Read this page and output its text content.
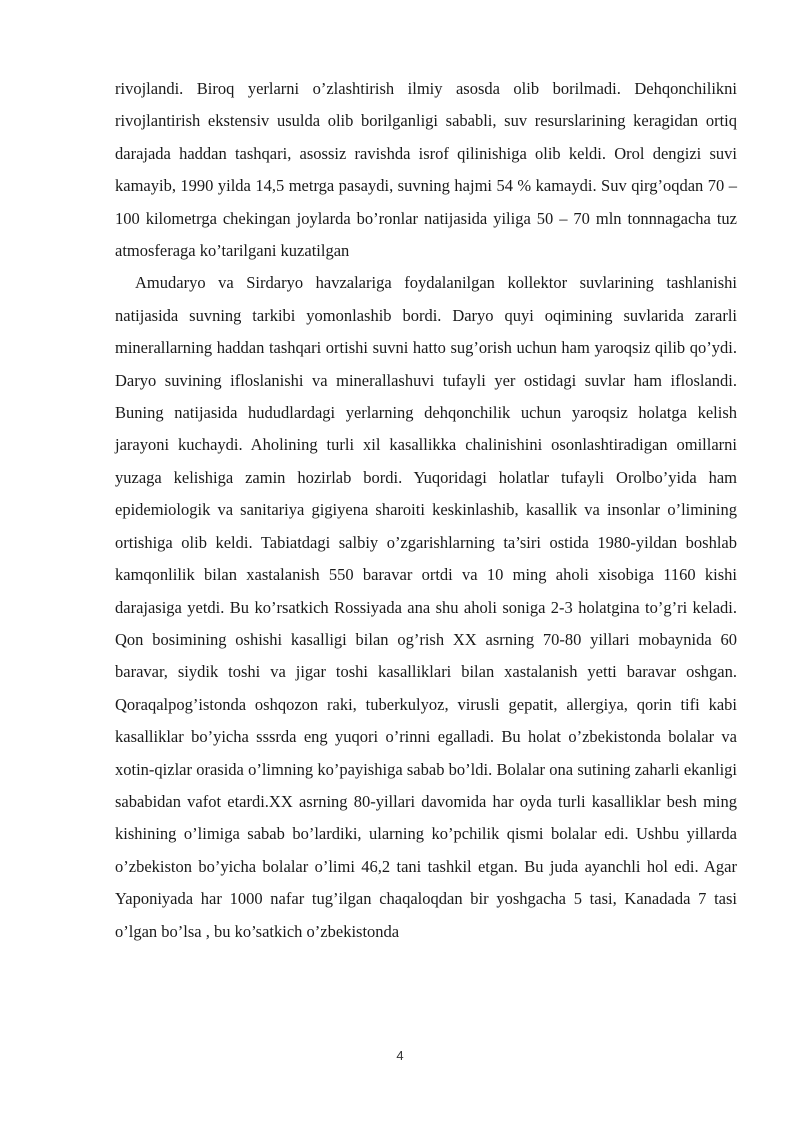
rivojlandi. Biroq yerlarni o’zlashtirish ilmiy asosda olib borilmadi. Dehqonchilikni rivojlantirish ekstensiv usulda olib borilganligi sababli, suv resurslarining keragidan ortiq darajada haddan tashqari, asossiz ravishda isrof qilinishiga olib keldi. Orol dengizi suvi kamayib, 1990 yilda 14,5 metrga pasaydi, suvning hajmi 54 % kamaydi. Suv qirg’oqdan 70 – 100 kilometrga chekingan joylarda bo’ronlar natijasida yiliga 50 – 70 mln tonnnagacha tuz atmosferaga ko’tarilgani kuzatilgan

Amudaryo va Sirdaryo havzalariga foydalanilgan kollektor suvlarining tashlanishi natijasida suvning tarkibi yomonlashib bordi. Daryo quyi oqimining suvlarida zararli minerallarning haddan tashqari ortishi suvni hatto sug’orish uchun ham yaroqsiz qilib qo’ydi. Daryo suvining ifloslanishi va minerallashuvi tufayli yer ostidagi suvlar ham ifloslandi. Buning natijasida hududlardagi yerlarning dehqonchilik uchun yaroqsiz holatga kelish jarayoni kuchaydi. Aholining turli xil kasallikka chalinishini osonlashtiradigan omillarni yuzaga kelishiga zamin hozirlab bordi. Yuqoridagi holatlar tufayli Orolbo’yida ham epidemiologik va sanitariya gigiyena sharoiti keskinlashib, kasallik va insonlar o’limining ortishiga olib keldi. Tabiatdagi salbiy o’zgarishlarning ta’siri ostida 1980-yildan boshlab kamqonlilik bilan xastalanish 550 baravar ortdi va 10 ming aholi xisobiga 1160 kishi darajasiga yetdi. Bu ko’rsatkich Rossiyada ana shu aholi soniga 2-3 holatgina to’g’ri keladi. Qon bosimining oshishi kasalligi bilan og’rish XX asrning 70-80 yillari mobaynida 60 baravar, siydik toshi va jigar toshi kasalliklari bilan xastalanish yetti baravar oshgan. Qoraqalpog’istonda oshqozon raki, tuberkulyoz, virusli gepatit, allergiya, qorin tifi kabi kasalliklar bo’yicha sssrda eng yuqori o’rinni egalladi. Bu holat o’zbekistonda bolalar va xotin-qizlar orasida o’limning ko’payishiga sabab bo’ldi. Bolalar ona sutining zaharli ekanligi sababidan vafot etardi.XX asrning 80-yillari davomida har oyda turli kasalliklar besh ming kishining o’limiga sabab bo’lardiki, ularning ko’pchilik qismi bolalar edi. Ushbu yillarda o’zbekiston bo’yicha bolalar o’limi 46,2 tani tashkil etgan. Bu juda ayanchli hol edi. Agar Yaponiyada har 1000 nafar tug’ilgan chaqaloqdan bir yoshgacha 5 tasi, Kanadada 7 tasi o’lgan bo’lsa , bu ko’satkich o’zbekistonda

4
